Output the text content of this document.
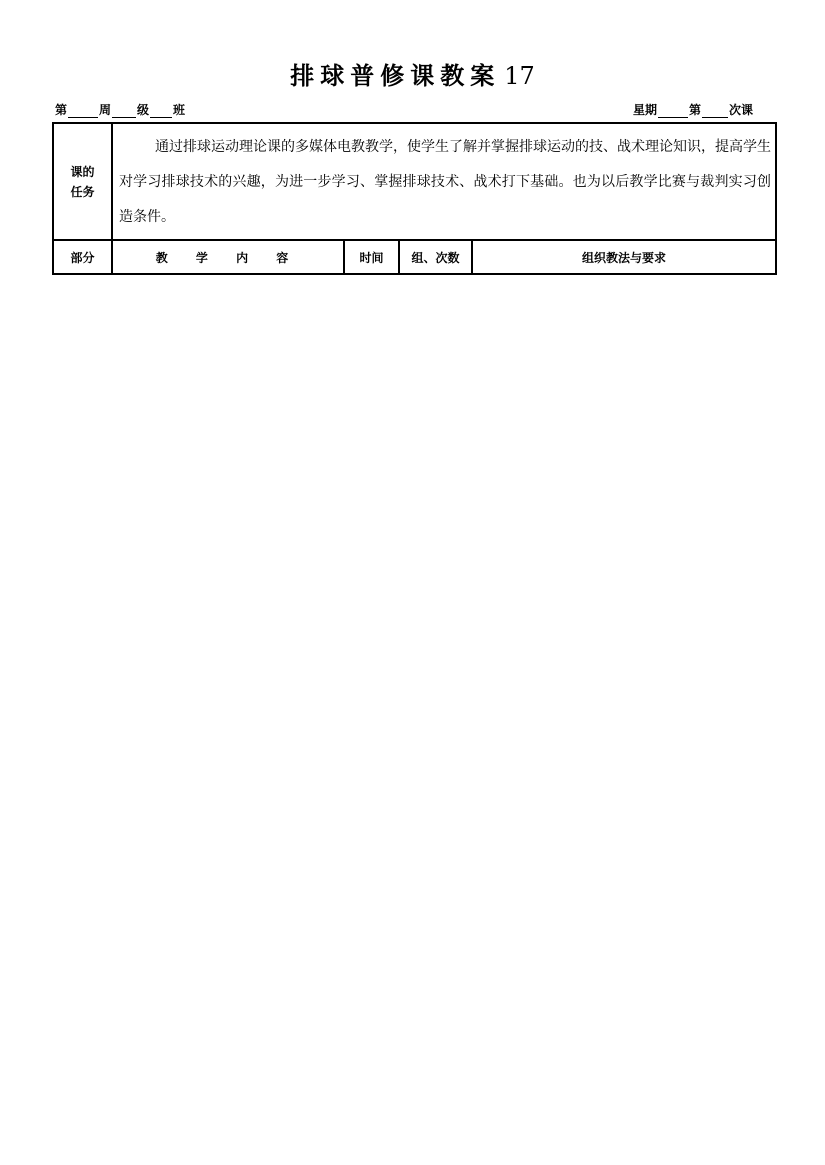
排球普修课教案 17
第	周 级 班	星期	第 次课
课的
任务	通过排球运动理论课的多媒体电教教学，使学生了解并掌握排球运动的技、战术理论知识，提高学生对学习排球技术的兴趣，为进一步学习、掌握排球技术、战术打下基础。也为以后教学比赛与裁判实习创造条件。			
部分	教 学 内 容	时间	组、次数	组织教法与要求
